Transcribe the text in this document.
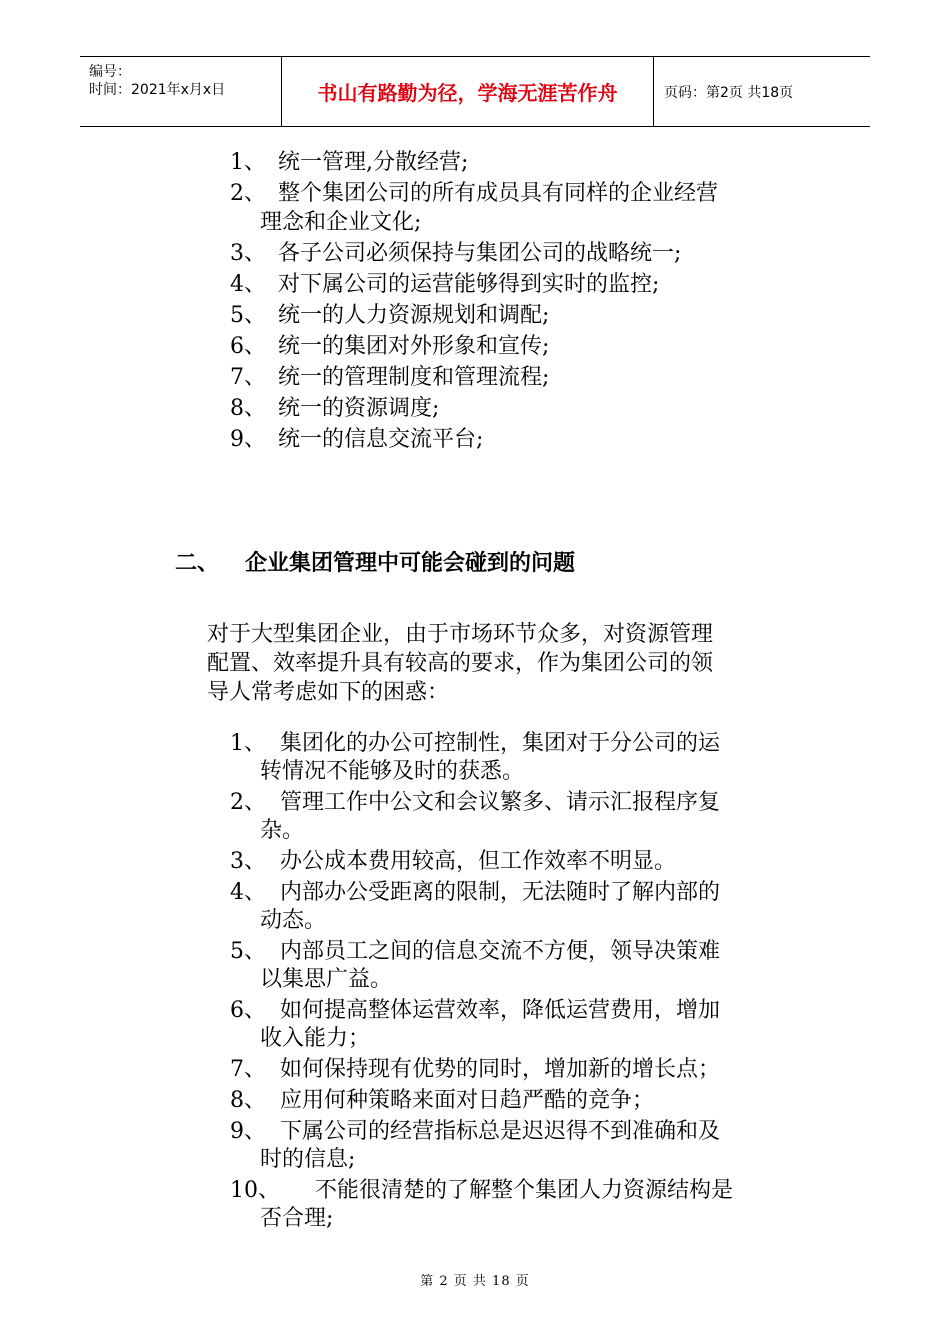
编号：
时间：2021年x月x日	书山有路勤为径，学海无涯苦作舟	页码：第2页 共18页
1、 统一管理,分散经营;
2、 整个集团公司的所有成员具有同样的企业经营
理念和企业文化;
3、 各子公司必须保持与集团公司的战略统一;
4、 对下属公司的运营能够得到实时的监控;
5、 统一的人力资源规划和调配;
6、 统一的集团对外形象和宣传;
7、 统一的管理制度和管理流程;
8、 统一的资源调度;
9、 统一的信息交流平台;
二、 企业集团管理中可能会碰到的问题

对于大型集团企业，由于市场环节众多，对资源管理
配置、效率提升具有较高的要求，作为集团公司的领
导人常考虑如下的困惑：

1、 集团化的办公可控制性，集团对于分公司的运
转情况不能够及时的获悉。
2、 管理工作中公文和会议繁多、请示汇报程序复
杂。
3、 办公成本费用较高，但工作效率不明显。
4、 内部办公受距离的限制，无法随时了解内部的
动态。
5、 内部员工之间的信息交流不方便，领导决策难
以集思广益。
6、 如何提高整体运营效率，降低运营费用，增加
收入能力；
7、 如何保持现有优势的同时，增加新的增长点；
8、 应用何种策略来面对日趋严酷的竞争；
9、 下属公司的经营指标总是迟迟得不到准确和及
时的信息;
10、 不能很清楚的了解整个集团人力资源结构是
否合理;
第 2 页 共 18 页
